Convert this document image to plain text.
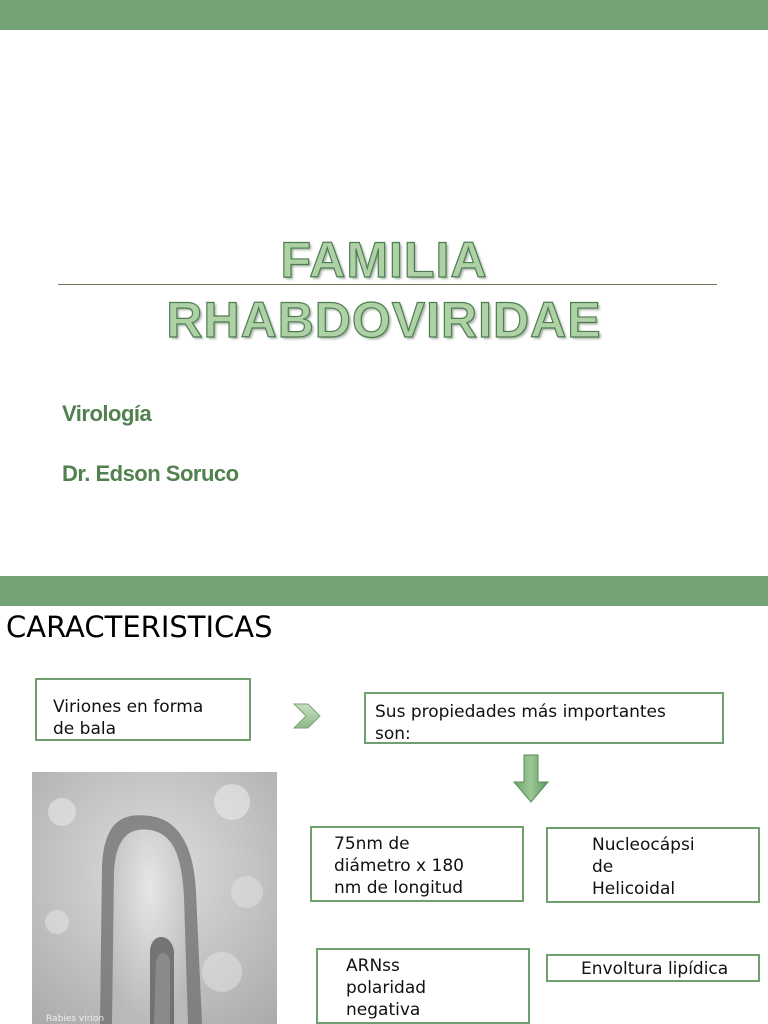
FAMILIA
RHABDOVIRIDAE
Virología
Dr. Edson Soruco
CARACTERISTICAS
Viriones en forma
de bala
Sus propiedades más importantes
son:
Rabies virion
75nm de
diámetro x 180
nm de longitud
Nucleocápsi
de
Helicoidal
ARNss
polaridad
negativa
Envoltura lipídica
